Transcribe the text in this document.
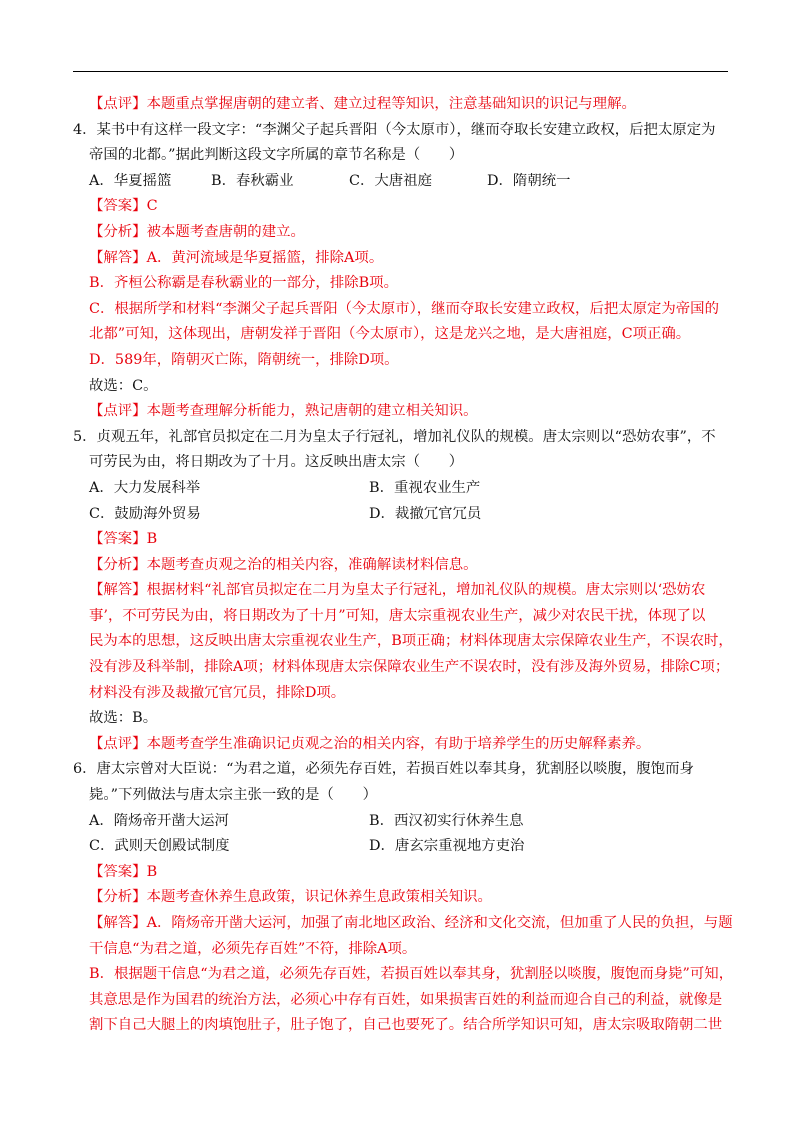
【点评】本题重点掌握唐朝的建立者、建立过程等知识，注意基础知识的识记与理解。
4．某书中有这样一段文字：“李渊父子起兵晋阳（今太原市），继而夺取长安建立政权，后把太原定为
帝国的北都。”据此判断这段文字所属的章节名称是（　　）
A．华夏摇篮	B．春秋霸业	C．大唐祖庭	D．隋朝统一
【答案】C
【分析】被本题考查唐朝的建立。
【解答】A．黄河流域是华夏摇篮，排除A项。
B．齐桓公称霸是春秋霸业的一部分，排除B项。
C．根据所学和材料“李渊父子起兵晋阳（今太原市），继而夺取长安建立政权，后把太原定为帝国的
北都”可知，这体现出，唐朝发祥于晋阳（今太原市），这是龙兴之地，是大唐祖庭，C项正确。
D．589年，隋朝灭亡陈，隋朝统一，排除D项。
故选：C。
【点评】本题考查理解分析能力，熟记唐朝的建立相关知识。
5．贞观五年，礼部官员拟定在二月为皇太子行冠礼，增加礼仪队的规模。唐太宗则以“恐妨农事”，不
可劳民为由，将日期改为了十月。这反映出唐太宗（　　）
A．大力发展科举	B．重视农业生产
C．鼓励海外贸易	D．裁撤冗官冗员
【答案】B
【分析】本题考查贞观之治的相关内容，准确解读材料信息。
【解答】根据材料“礼部官员拟定在二月为皇太子行冠礼，增加礼仪队的规模。唐太宗则以‘恐妨农
事’，不可劳民为由，将日期改为了十月”可知，唐太宗重视农业生产，减少对农民干扰，体现了以
民为本的思想，这反映出唐太宗重视农业生产，B项正确；材料体现唐太宗保障农业生产，不误农时，
没有涉及科举制，排除A项；材料体现唐太宗保障农业生产不误农时，没有涉及海外贸易，排除C项；
材料没有涉及裁撤冗官冗员，排除D项。
故选：B。
【点评】本题考查学生准确识记贞观之治的相关内容，有助于培养学生的历史解释素养。
6．唐太宗曾对大臣说：“为君之道，必须先存百姓，若损百姓以奉其身，犹割胫以啖腹，腹饱而身
毙。”下列做法与唐太宗主张一致的是（　　）
A．隋炀帝开凿大运河	B．西汉初实行休养生息
C．武则天创殿试制度	D．唐玄宗重视地方吏治
【答案】B
【分析】本题考查休养生息政策，识记休养生息政策相关知识。
【解答】A．隋炀帝开凿大运河，加强了南北地区政治、经济和文化交流，但加重了人民的负担，与题
干信息“为君之道，必须先存百姓”不符，排除A项。
B．根据题干信息“为君之道，必须先存百姓，若损百姓以奉其身，犹割胫以啖腹，腹饱而身毙”可知，
其意思是作为国君的统治方法，必须心中存有百姓，如果损害百姓的利益而迎合自己的利益，就像是
割下自己大腿上的肉填饱肚子，肚子饱了，自己也要死了。结合所学知识可知，唐太宗吸取隋朝二世
